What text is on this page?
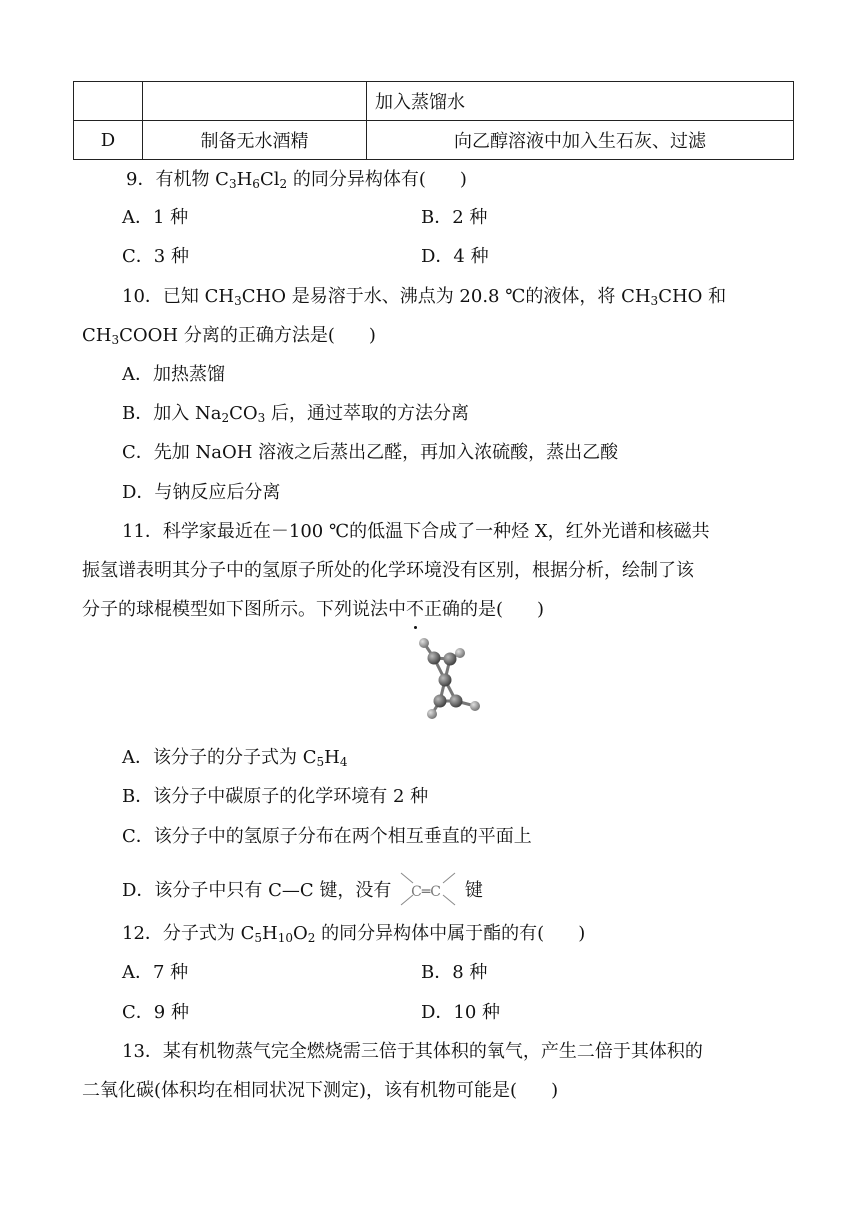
		加入蒸馏水
D	制备无水酒精	向乙醇溶液中加入生石灰、过滤
9．有机物 $C_3H_6Cl_2$ 的同分异构体有( )
A．1 种	B．2 种
C．3 种	D．4 种
10．已知 $CH_3CHO$ 是易溶于水、沸点为 20.8 ℃的液体，将 $CH_3CHO$ 和
$CH_3COOH$ 分离的正确方法是( )
A．加热蒸馏
B．加入 $Na_2CO_3$ 后，通过萃取的方法分离
C．先加 NaOH 溶液之后蒸出乙醛，再加入浓硫酸，蒸出乙酸
D．与钠反应后分离
11．科学家最近在－100 ℃的低温下合成了一种烃 X，红外光谱和核磁共
振氢谱表明其分子中的氢原子所处的化学环境没有区别，根据分析，绘制了该
分子的球棍模型如下图所示。下列说法中不正确的是( )
A．该分子的分子式为 $C_5H_4$
B．该分子中碳原子的化学环境有 2 种
C．该分子中的氢原子分布在两个相互垂直的平面上
D．该分子中只有 C—C 键，没有 C═C 键
12．分子式为 $C_5H_{10}O_2$ 的同分异构体中属于酯的有( )
A．7 种	B．8 种
C．9 种	D．10 种
13．某有机物蒸气完全燃烧需三倍于其体积的氧气，产生二倍于其体积的
二氧化碳(体积均在相同状况下测定)，该有机物可能是( )
